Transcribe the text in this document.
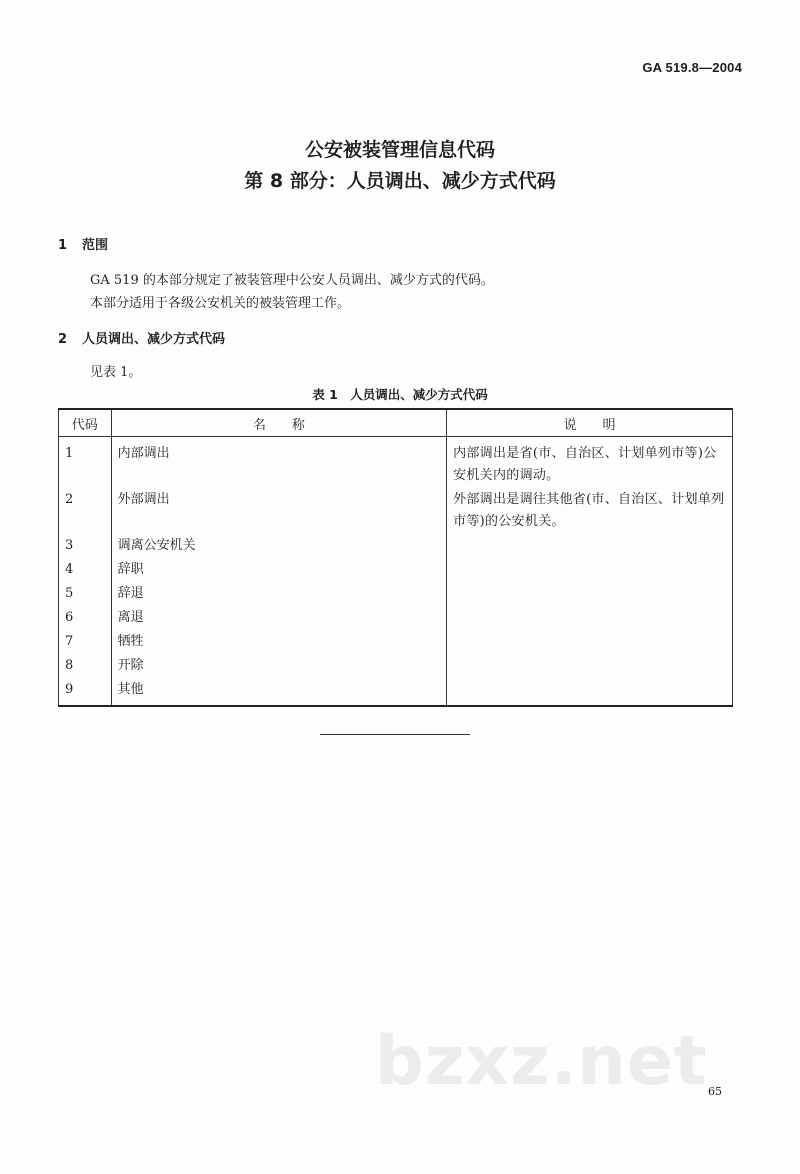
GA 519.8—2004
公安被装管理信息代码
第 8 部分：人员调出、减少方式代码
1 范围
GA 519 的本部分规定了被装管理中公安人员调出、减少方式的代码。
本部分适用于各级公安机关的被装管理工作。
2 人员调出、减少方式代码
见表 1。
表 1　人员调出、减少方式代码
代码	名　　称	说　　明
1	内部调出	内部调出是省(市、自治区、计划单列市等)公安机关内的调动。

2	外部调出	外部调出是调往其他省(市、自治区、计划单列市等)的公安机关。

3	调离公安机关	
4	辞职	
5	辞退	
6	离退	
7	牺牲	
8	开除	
9	其他	
bzxz.net 65
